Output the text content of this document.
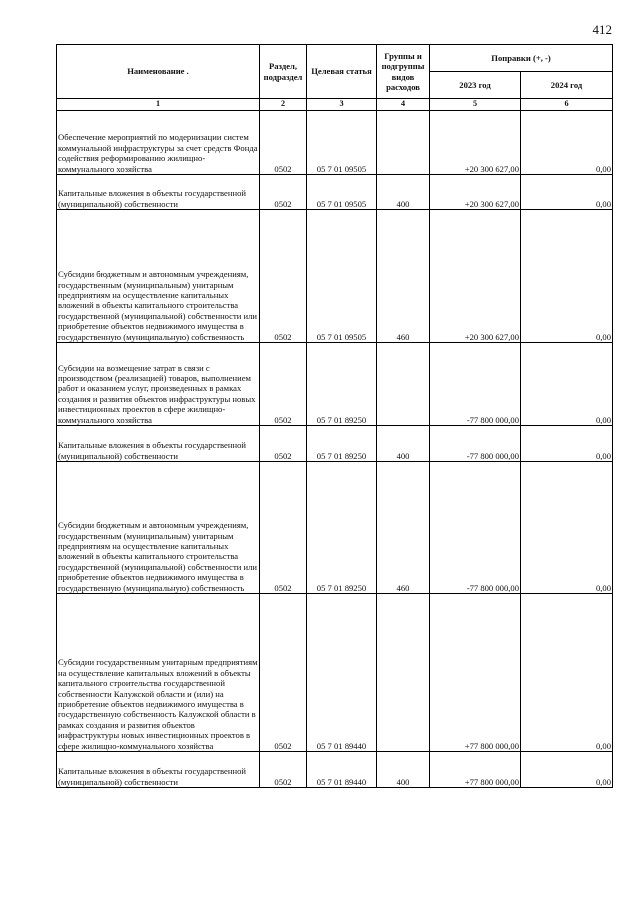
412
Наименование .	Раздел, подраздел	Целевая статья	Группы и подгруппы видов расходов	Поправки (+, -)	
				2023 год	2024 год
1	2	3	4	5	6
Обеспечение мероприятий по модернизации систем коммунальной инфраструктуры за счет средств Фонда содействия реформированию жилищно-коммунального хозяйства	0502	05 7 01 09505		+20 300 627,00	0,00
Капитальные вложения в объекты государственной (муниципальной) собственности	0502	05 7 01 09505	400	+20 300 627,00	0,00
Субсидии бюджетным и автономным учреждениям, государственным (муниципальным) унитарным предприятиям на осуществление капитальных вложений в объекты капитального строительства государственной (муниципальной) собственности или приобретение объектов недвижимого имущества в государственную (муниципальную) собственность	0502	05 7 01 09505	460	+20 300 627,00	0,00
Субсидии на возмещение затрат в связи с производством (реализацией) товаров, выполнением работ и оказанием услуг, произведенных в рамках создания и развития объектов инфраструктуры новых инвестиционных проектов в сфере жилищно-коммунального хозяйства	0502	05 7 01 89250		-77 800 000,00	0,00
Капитальные вложения в объекты государственной (муниципальной) собственности	0502	05 7 01 89250	400	-77 800 000,00	0,00
Субсидии бюджетным и автономным учреждениям, государственным (муниципальным) унитарным предприятиям на осуществление капитальных вложений в объекты капитального строительства государственной (муниципальной) собственности или приобретение объектов недвижимого имущества в государственную (муниципальную) собственность	0502	05 7 01 89250	460	-77 800 000,00	0,00
Субсидии государственным унитарным предприятиям на осуществление капитальных вложений в объекты капитального строительства государственной собственности Калужской области и (или) на приобретение объектов недвижимого имущества в государственную собственность Калужской области в рамках создания и развития объектов инфраструктуры новых инвестиционных проектов в сфере жилищно-коммунального хозяйства	0502	05 7 01 89440		+77 800 000,00	0,00
Капитальные вложения в объекты государственной (муниципальной) собственности	0502	05 7 01 89440	400	+77 800 000,00	0,00
